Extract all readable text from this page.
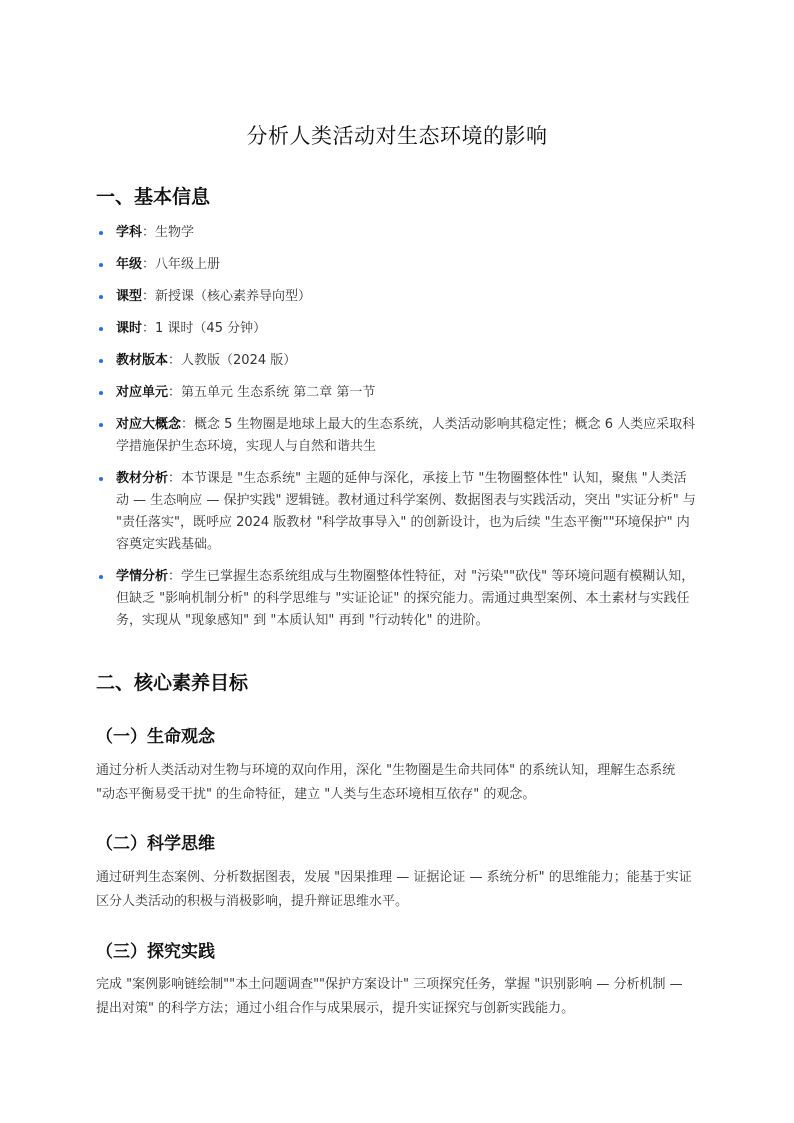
分析人类活动对生态环境的影响
一、基本信息
学科：生物学
年级：八年级上册
课型：新授课（核心素养导向型）
课时：1 课时（45 分钟）
教材版本：人教版（2024 版）
对应单元：第五单元 生态系统 第二章 第一节
对应大概念：概念 5 生物圈是地球上最大的生态系统，人类活动影响其稳定性；概念 6 人类应采取科学措施保护生态环境，实现人与自然和谐共生
教材分析：本节课是 "生态系统" 主题的延伸与深化，承接上节 "生物圈整体性" 认知，聚焦 "人类活动 — 生态响应 — 保护实践" 逻辑链。教材通过科学案例、数据图表与实践活动，突出 "实证分析" 与 "责任落实"，既呼应 2024 版教材 "科学故事导入" 的创新设计，也为后续 "生态平衡""环境保护" 内容奠定实践基础。
学情分析：学生已掌握生态系统组成与生物圈整体性特征，对 "污染""砍伐" 等环境问题有模糊认知，但缺乏 "影响机制分析" 的科学思维与 "实证论证" 的探究能力。需通过典型案例、本土素材与实践任务，实现从 "现象感知" 到 "本质认知" 再到 "行动转化" 的进阶。
二、核心素养目标
（一）生命观念

通过分析人类活动对生物与环境的双向作用，深化 "生物圈是生命共同体" 的系统认知，理解生态系统 "动态平衡易受干扰" 的生命特征，建立 "人类与生态环境相互依存" 的观念。

（二）科学思维

通过研判生态案例、分析数据图表，发展 "因果推理 — 证据论证 — 系统分析" 的思维能力；能基于实证区分人类活动的积极与消极影响，提升辩证思维水平。

（三）探究实践

完成 "案例影响链绘制""本土问题调查""保护方案设计" 三项探究任务，掌握 "识别影响 — 分析机制 — 提出对策" 的科学方法；通过小组合作与成果展示，提升实证探究与创新实践能力。
